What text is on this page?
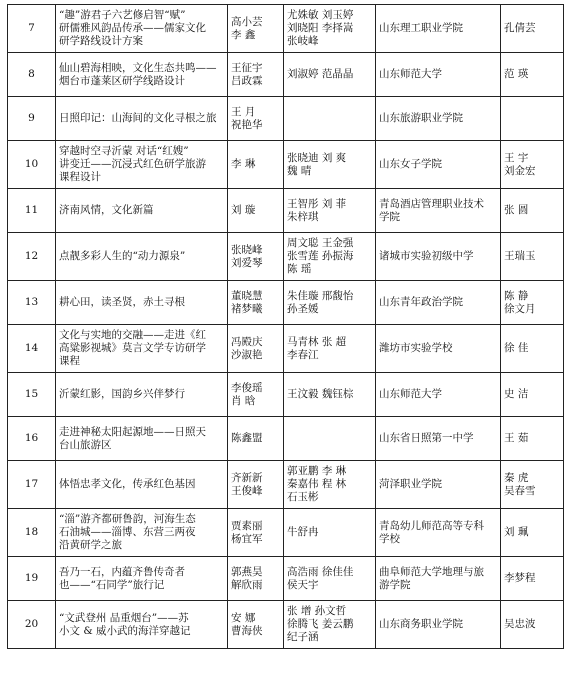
7	“趣”游君子六艺修启智“赋”
研儒雅风韵品传承——儒家文化
研学路线设计方案	高小芸
李 鑫	尤姝敏 刘玉婷
刘晓阳 李择嵩
张岐峰	山东理工职业学院	孔倩芸

8	仙山碧海相映，文化生态共鸣——
烟台市蓬莱区研学线路设计	王征宇
吕政霖	刘淑婷 范晶晶	山东师范大学	范 瑛

9	日照印记：山海间的文化寻根之旅	王 月
祝艳华		山东旅游职业学院	

10	穿越时空寻沂蒙 对话“红嫂”
讲变迁——沉浸式红色研学旅游
课程设计	李 琳	张晓迪 刘 爽
魏 晴	山东女子学院	王 宇
刘金宏

11	济南风情，文化新篇	刘 璇	王智彤 刘 菲
朱梓琪	青岛酒店管理职业技术
学院	张 圆

12	点靓多彩人生的“动力源泉”	张晓峰
刘爱琴	周文聪 王金强
张雪莲 孙振海
陈 瑶	诸城市实验初级中学	王瑞玉

13	耕心田，读圣贤，赤土寻根	董晓慧
褚梦曦	朱佳璇 邢馥怡
孙圣媛	山东青年政治学院	陈 静
徐文月

14	文化与实地的交融——走进《红
高粱影视城》莫言文学专访研学
课程	冯殿庆
沙淑艳	马青林 张 超
李春江	潍坊市实验学校	徐 佳

15	沂蒙红影，国韵乡兴伴梦行	李俊瑶
肖 晗	王汶毅 魏钰棕	山东师范大学	史 洁

16	走进神秘太阳起源地——日照天
台山旅游区	陈鑫盟		山东省日照第一中学	王 茹

17	体悟忠孝文化，传承红色基因	齐新新
王俊峰	郭亚鹏 李 琳
秦嘉伟 程 林
石玉彬	菏泽职业学院	秦 虎
吴春雪

18	“淄”游齐都研鲁韵，河海生态
石油城——淄博、东营三两夜
沿黄研学之旅	贾素丽
杨宜军	牛舒冉	青岛幼儿师范高等专科
学校	刘 珮

19	吾乃一石，内蕴齐鲁传奇者
也——“石同学”旅行记	郭燕昊
解欣雨	高浩雨 徐佳佳
侯天宇	曲阜师范大学地理与旅
游学院	李梦程

20	“文武登州 品重烟台”——苏
小文 & 威小武的海洋穿越记	安 娜
曹海侠	张 增 孙文哲
徐腾飞 姜云鹏
纪子涵	山东商务职业学院	吴忠波
